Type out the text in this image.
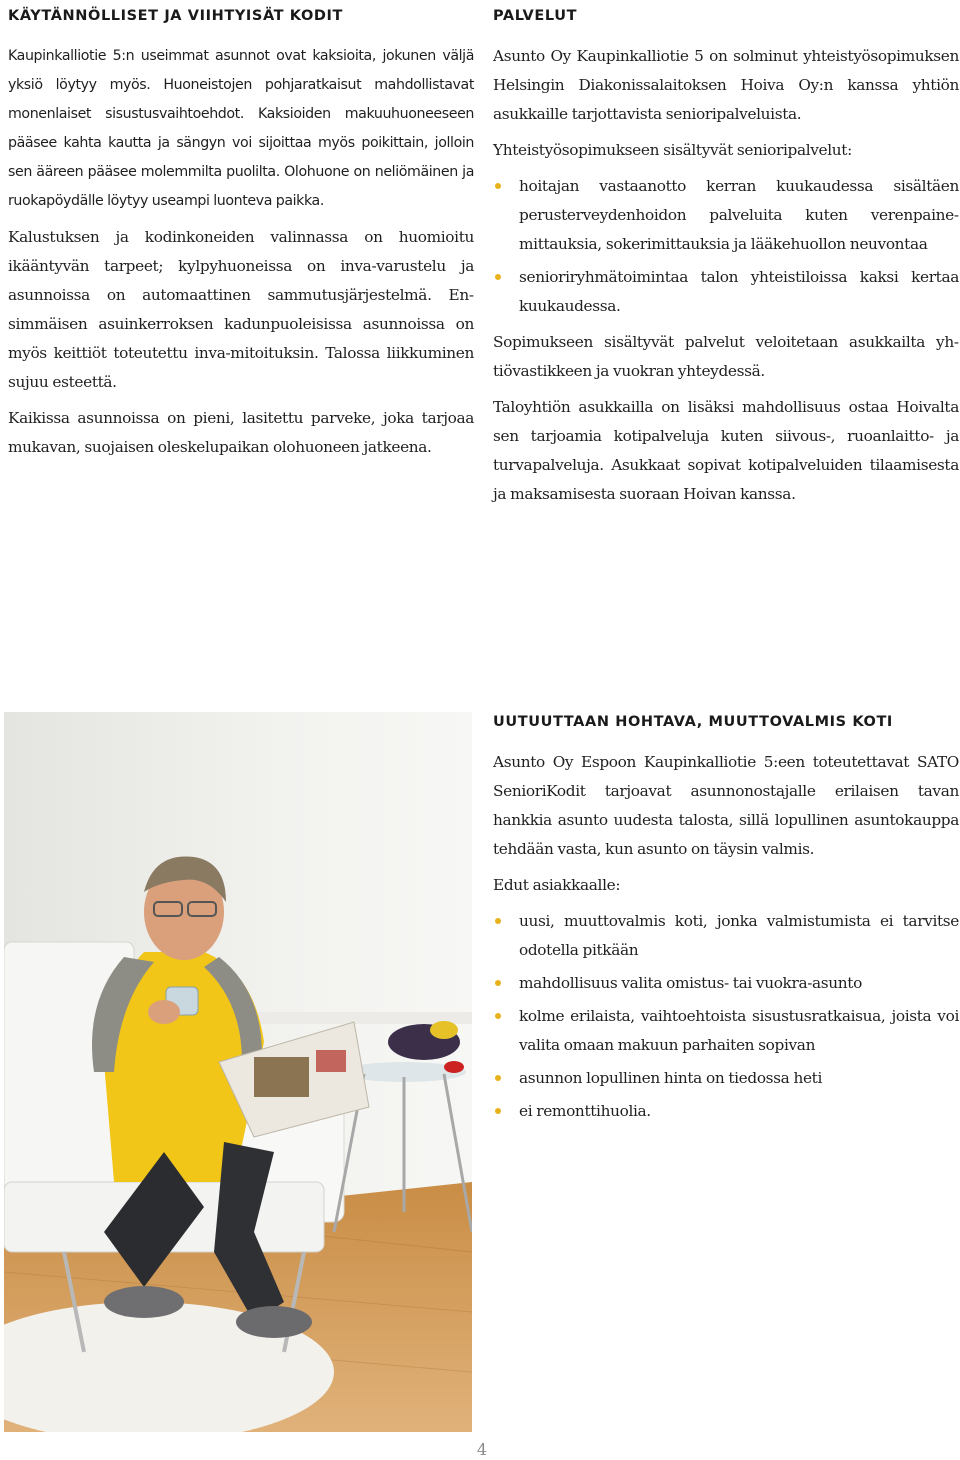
KÄYTÄNNÖLLISET JA VIIHTYISÄT KODIT

Kaupinkalliotie 5:n useimmat asunnot ovat kaksioita, jokunen väljä yksiö löytyy myös. Huoneistojen pohjaratkaisut mahdollistavat monenlaiset sisustusvaihtoehdot. Kaksioiden makuuhuoneeseen pääsee kahta kautta ja sängyn voi sijoittaa myös poikittain, jolloin sen ääreen pääsee molemmilta puolilta. Olohuone on neliömäinen ja ruokapöydälle löytyy useampi luonteva paikka.

Kalustuksen ja kodinkoneiden valinnassa on huomioitu ikääntyvän tarpeet; kylpyhuoneissa on inva-varustelu ja asunnoissa on automaattinen sammutusjärjestelmä. Ensimmäisen asuinkerroksen kadunpuoleisissa asunnoissa on myös keittiöt toteutettu inva-mitoituksin. Talossa liikkuminen sujuu esteettä.

Kaikissa asunnoissa on pieni, lasitettu parveke, joka tarjoaa mukavan, suojaisen oleskelupaikan olohuoneen jatkeena.

PALVELUT

Asunto Oy Kaupinkalliotie 5 on solminut yhteistyösopimuksen Helsingin Diakonissalaitoksen Hoiva Oy:n kanssa yhtiön asukkaille tarjottavista senioripalveluista.

Yhteistyösopimukseen sisältyvät senioripalvelut:

hoitajan vastaanotto kerran kuukaudessa sisältäen perusterveydenhoidon palveluita kuten verenpainemittauksia, sokerimittauksia ja lääkehuollon neuvontaa
senioriryhmätoimintaa talon yhteistiloissa kaksi kertaa kuukaudessa.

Sopimukseen sisältyvät palvelut veloitetaan asukkailta yhtiövastikkeen ja vuokran yhteydessä.

Taloyhtiön asukkailla on lisäksi mahdollisuus ostaa Hoivalta sen tarjoamia kotipalveluja kuten siivous-, ruoanlaitto- ja turvapalveluja. Asukkaat sopivat kotipalveluiden tilaamisesta ja maksamisesta suoraan Hoivan kanssa.

UUTUUTTAAN HOHTAVA, MUUTTOVALMIS KOTI

Asunto Oy Espoon Kaupinkalliotie 5:een toteutettavat SATO SenioriKodit tarjoavat asunnonostajalle erilaisen tavan hankkia asunto uudesta talosta, sillä lopullinen asuntokauppa tehdään vasta, kun asunto on täysin valmis.

Edut asiakkaalle:

uusi, muuttovalmis koti, jonka valmistumista ei tarvitse odotella pitkään
mahdollisuus valita omistus- tai vuokra-asunto
kolme erilaista, vaihtoehtoista sisustusratkaisua, joista voi valita omaan makuun parhaiten sopivan
asunnon lopullinen hinta on tiedossa heti
ei remonttihuolia.
4
